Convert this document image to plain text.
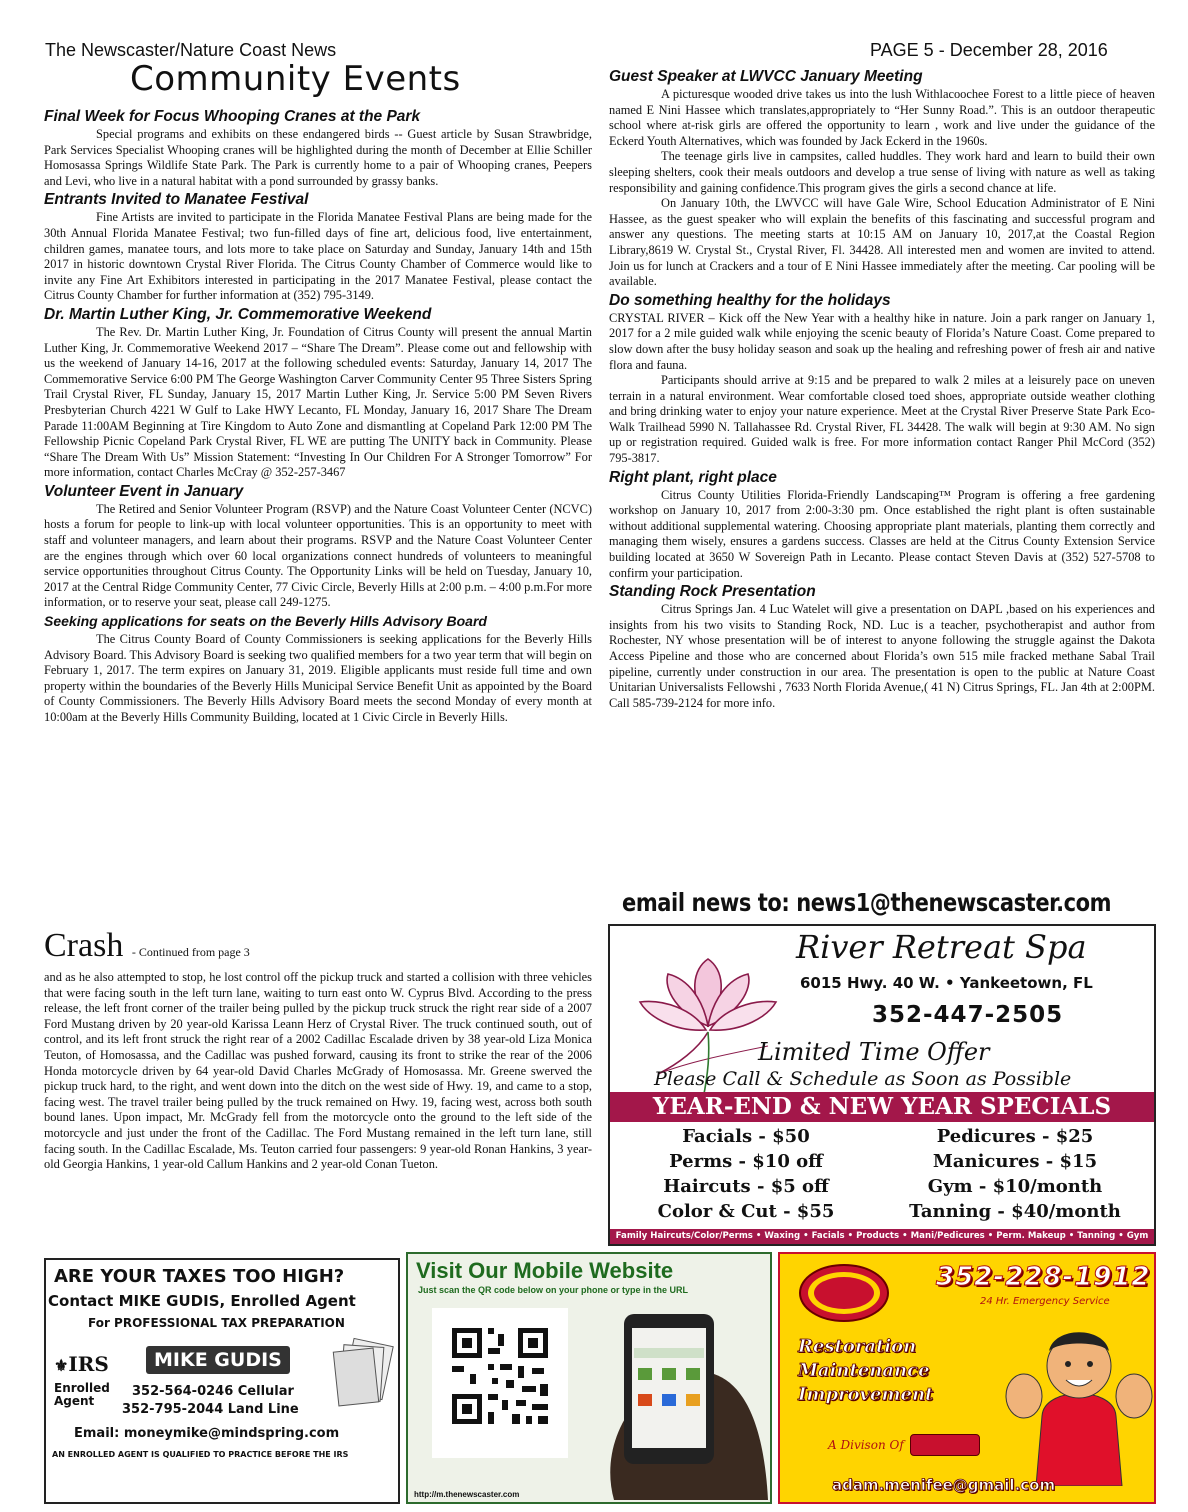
The Newscaster/Nature Coast News	PAGE 5 - December 28, 2016
Community Events
Final Week for Focus Whooping Cranes at the Park

Special programs and exhibits on these endangered birds -- Guest article by Susan Strawbridge, Park Services Specialist Whooping cranes will be highlighted during the month of December at Ellie Schiller Homosassa Springs Wildlife State Park. The Park is currently home to a pair of Whooping cranes, Peepers and Levi, who live in a natural habitat with a pond surrounded by grassy banks.

Entrants Invited to Manatee Festival

Fine Artists are invited to participate in the Florida Manatee Festival Plans are being made for the 30th Annual Florida Manatee Festival; two fun-filled days of fine art, delicious food, live entertainment, children games, manatee tours, and lots more to take place on Saturday and Sunday, January 14th and 15th 2017 in historic downtown Crystal River Florida. The Citrus County Chamber of Commerce would like to invite any Fine Art Exhibitors interested in participating in the 2017 Manatee Festival, please contact the Citrus County Chamber for further information at (352) 795-3149.

Dr. Martin Luther King, Jr. Commemorative Weekend

The Rev. Dr. Martin Luther King, Jr. Foundation of Citrus County will present the annual Martin Luther King, Jr. Commemorative Weekend 2017 – “Share The Dream”. Please come out and fellowship with us the weekend of January 14-16, 2017 at the following scheduled events: Saturday, January 14, 2017 The Commemorative Service 6:00 PM The George Washington Carver Community Center 95 Three Sisters Spring Trail Crystal River, FL Sunday, January 15, 2017 Martin Luther King, Jr. Service 5:00 PM Seven Rivers Presbyterian Church 4221 W Gulf to Lake HWY Lecanto, FL Monday, January 16, 2017 Share The Dream Parade 11:00AM Beginning at Tire Kingdom to Auto Zone and dismantling at Copeland Park 12:00 PM The Fellowship Picnic Copeland Park Crystal River, FL WE are putting The UNITY back in Community. Please “Share The Dream With Us” Mission Statement: “Investing In Our Children For A Stronger Tomorrow” For more information, contact Charles McCray @ 352-257-3467

Volunteer Event in January

The Retired and Senior Volunteer Program (RSVP) and the Nature Coast Volunteer Center (NCVC) hosts a forum for people to link-up with local volunteer opportunities. This is an opportunity to meet with staff and volunteer managers, and learn about their programs. RSVP and the Nature Coast Volunteer Center are the engines through which over 60 local organizations connect hundreds of volunteers to meaningful service opportunities throughout Citrus County. The Opportunity Links will be held on Tuesday, January 10, 2017 at the Central Ridge Community Center, 77 Civic Circle, Beverly Hills at 2:00 p.m. – 4:00 p.m.For more information, or to reserve your seat, please call 249-1275.

Seeking applications for seats on the Beverly Hills Advisory Board

The Citrus County Board of County Commissioners is seeking applications for the Beverly Hills Advisory Board. This Advisory Board is seeking two qualified members for a two year term that will begin on February 1, 2017. The term expires on January 31, 2019. Eligible applicants must reside full time and own property within the boundaries of the Beverly Hills Municipal Service Benefit Unit as appointed by the Board of County Commissioners. The Beverly Hills Advisory Board meets the second Monday of every month at 10:00am at the Beverly Hills Community Building, located at 1 Civic Circle in Beverly Hills.

Crash - Continued from page 3

and as he also attempted to stop, he lost control off the pickup truck and started a collision with three vehicles that were facing south in the left turn lane, waiting to turn east onto W. Cyprus Blvd. According to the press release, the left front corner of the trailer being pulled by the pickup truck struck the right rear side of a 2007 Ford Mustang driven by 20 year-old Karissa Leann Herz of Crystal River. The truck continued south, out of control, and its left front struck the right rear of a 2002 Cadillac Escalade driven by 38 year-old Liza Monica Teuton, of Homosassa, and the Cadillac was pushed forward, causing its front to strike the rear of the 2006 Honda motorcycle driven by 64 year-old David Charles McGrady of Homosassa. Mr. Greene swerved the pickup truck hard, to the right, and went down into the ditch on the west side of Hwy. 19, and came to a stop, facing west. The travel trailer being pulled by the truck remained on Hwy. 19, facing west, across both south bound lanes. Upon impact, Mr. McGrady fell from the motorcycle onto the ground to the left side of the motorcycle and just under the front of the Cadillac. The Ford Mustang remained in the left turn lane, still facing south. In the Cadillac Escalade, Ms. Teuton carried four passengers: 9 year-old Ronan Hankins, 3 year-old Georgia Hankins, 1 year-old Callum Hankins and 2 year-old Conan Tueton.

Guest Speaker at LWVCC January Meeting

A picturesque wooded drive takes us into the lush Withlacoochee Forest to a little piece of heaven named E Nini Hassee which translates,appropriately to “Her Sunny Road.”. This is an outdoor therapeutic school where at-risk girls are offered the opportunity to learn , work and live under the guidance of the Eckerd Youth Alternatives, which was founded by Jack Eckerd in the 1960s.

The teenage girls live in campsites, called huddles. They work hard and learn to build their own sleeping shelters, cook their meals outdoors and develop a true sense of living with nature as well as taking responsibility and gaining confidence.This program gives the girls a second chance at life.

On January 10th, the LWVCC will have Gale Wire, School Education Administrator of E Nini Hassee, as the guest speaker who will explain the benefits of this fascinating and successful program and answer any questions. The meeting starts at 10:15 AM on January 10, 2017,at the Coastal Region Library,8619 W. Crystal St., Crystal River, Fl. 34428. All interested men and women are invited to attend. Join us for lunch at Crackers and a tour of E Nini Hassee immediately after the meeting. Car pooling will be available.

Do something healthy for the holidays

CRYSTAL RIVER – Kick off the New Year with a healthy hike in nature. Join a park ranger on January 1, 2017 for a 2 mile guided walk while enjoying the scenic beauty of Florida’s Nature Coast. Come prepared to slow down after the busy holiday season and soak up the healing and refreshing power of fresh air and native flora and fauna.

Participants should arrive at 9:15 and be prepared to walk 2 miles at a leisurely pace on uneven terrain in a natural environment. Wear comfortable closed toed shoes, appropriate outside weather clothing and bring drinking water to enjoy your nature experience. Meet at the Crystal River Preserve State Park Eco-Walk Trailhead 5990 N. Tallahassee Rd. Crystal River, FL 34428. The walk will begin at 9:30 AM. No sign up or registration required. Guided walk is free. For more information contact Ranger Phil McCord (352) 795-3817.

Right plant, right place

Citrus County Utilities Florida-Friendly Landscaping™ Program is offering a free gardening workshop on January 10, 2017 from 2:00-3:30 pm. Once established the right plant is often sustainable without additional supplemental watering. Choosing appropriate plant materials, planting them correctly and managing them wisely, ensures a gardens success. Classes are held at the Citrus County Extension Service building located at 3650 W Sovereign Path in Lecanto. Please contact Steven Davis at (352) 527-5708 to confirm your participation.

Standing Rock Presentation

Citrus Springs Jan. 4 Luc Watelet will give a presentation on DAPL ,based on his experiences and insights from his two visits to Standing Rock, ND. Luc is a teacher, psychotherapist and author from Rochester, NY whose presentation will be of interest to anyone following the struggle against the Dakota Access Pipeline and those who are concerned about Florida’s own 515 mile fracked methane Sabal Trail pipeline, currently under construction in our area. The presentation is open to the public at Nature Coast Unitarian Universalists Fellowshi , 7633 North Florida Avenue,( 41 N) Citrus Springs, FL. Jan 4th at 2:00PM. Call 585-739-2124 for more info.

email news to: news1@thenewscaster.com
River Retreat Spa
6015 Hwy. 40 W. • Yankeetown, FL
352-447-2505
Limited Time Offer
Please Call & Schedule as Soon as Possible
YEAR-END & NEW YEAR SPECIALS
Facials - $50
Perms - $10 off
Haircuts - $5 off
Color & Cut - $55
Pedicures - $25
Manicures - $15
Gym - $10/month
Tanning - $40/month
Family Haircuts/Color/Perms • Waxing • Facials • Products • Mani/Pedicures • Perm. Makeup • Tanning • Gym
ARE YOUR TAXES TOO HIGH?
Contact MIKE GUDIS, Enrolled Agent
For PROFESSIONAL TAX PREPARATION
⚜IRS	MIKE GUDIS
Enrolled Agent
352-564-0246 Cellular
352-795-2044 Land Line
Email: moneymike@mindspring.com
AN ENROLLED AGENT IS QUALIFIED TO PRACTICE BEFORE THE IRS
Visit Our Mobile Website
Just scan the QR code below on your phone or type in the URL
http://m.thenewscaster.com
352-228-1912
24 Hr. Emergency Service
Restoration
Maintenance
Improvement
A Divison Of
adam.menifee@gmail.com
